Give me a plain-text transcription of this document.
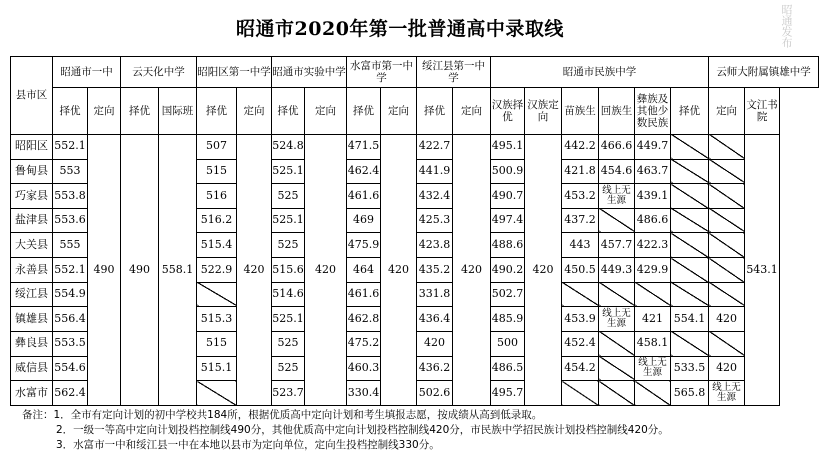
昭通市2020年第一批普通高中录取线	昭通发布
县市区	昭通市一中		云天化中学		昭阳区第一中学		昭通市实验中学		水富市第一中学		绥江县第一中学		昭通市民族中学						云师大附属镇雄中学	
	择优	定向	择优	国际班	择优	定向	择优	定向	择优	定向	择优	定向	汉族择优	汉族定向	苗族生	回族生	彝族及其他少数民族	择优	定向	文江书院
昭阳区	552.1	490	490	558.1	507	420	524.8	420	471.5	420	422.7	420	495.1	420	442.2	466.6	449.7			543.1
鲁甸县	553				515		525.1		462.4		441.9		500.9		421.8	454.6	463.7			
巧家县	553.8				516		525		461.6		432.4		490.7		453.2	线上无生源	439.1			
盐津县	553.6				516.2		525.1		469		425.3		497.4		437.2		486.6			
大关县	555				515.4		525		475.9		423.8		488.6		443	457.7	422.3			
永善县	552.1				522.9		515.6		464		435.2		490.2		450.5	449.3	429.9			
绥江县	554.9						514.6		461.6		331.8		502.7							
镇雄县	556.4				515.3		525.1		462.8		436.4		485.9		453.9	线上无生源	421	554.1	420	
彝良县	553.5				515		525		475.2		420		500		452.4		458.1			
威信县	554.6				515.1		525		460.3		436.2		486.5		454.2		线上无生源	533.5	420	
水富市	562.4						523.7		330.4		502.6		495.7					565.8	线上无生源	
备注：1．全市有定向计划的初中学校共184所，根据优质高中定向计划和考生填报志愿，按成绩从高到低录取。
2．一级一等高中定向计划投档控制线490分，其他优质高中定向计划投档控制线420分，市民族中学招民族计划投档控制线420分。
3．水富市一中和绥江县一中在本地以县市为定向单位，定向生投档控制线330分。
